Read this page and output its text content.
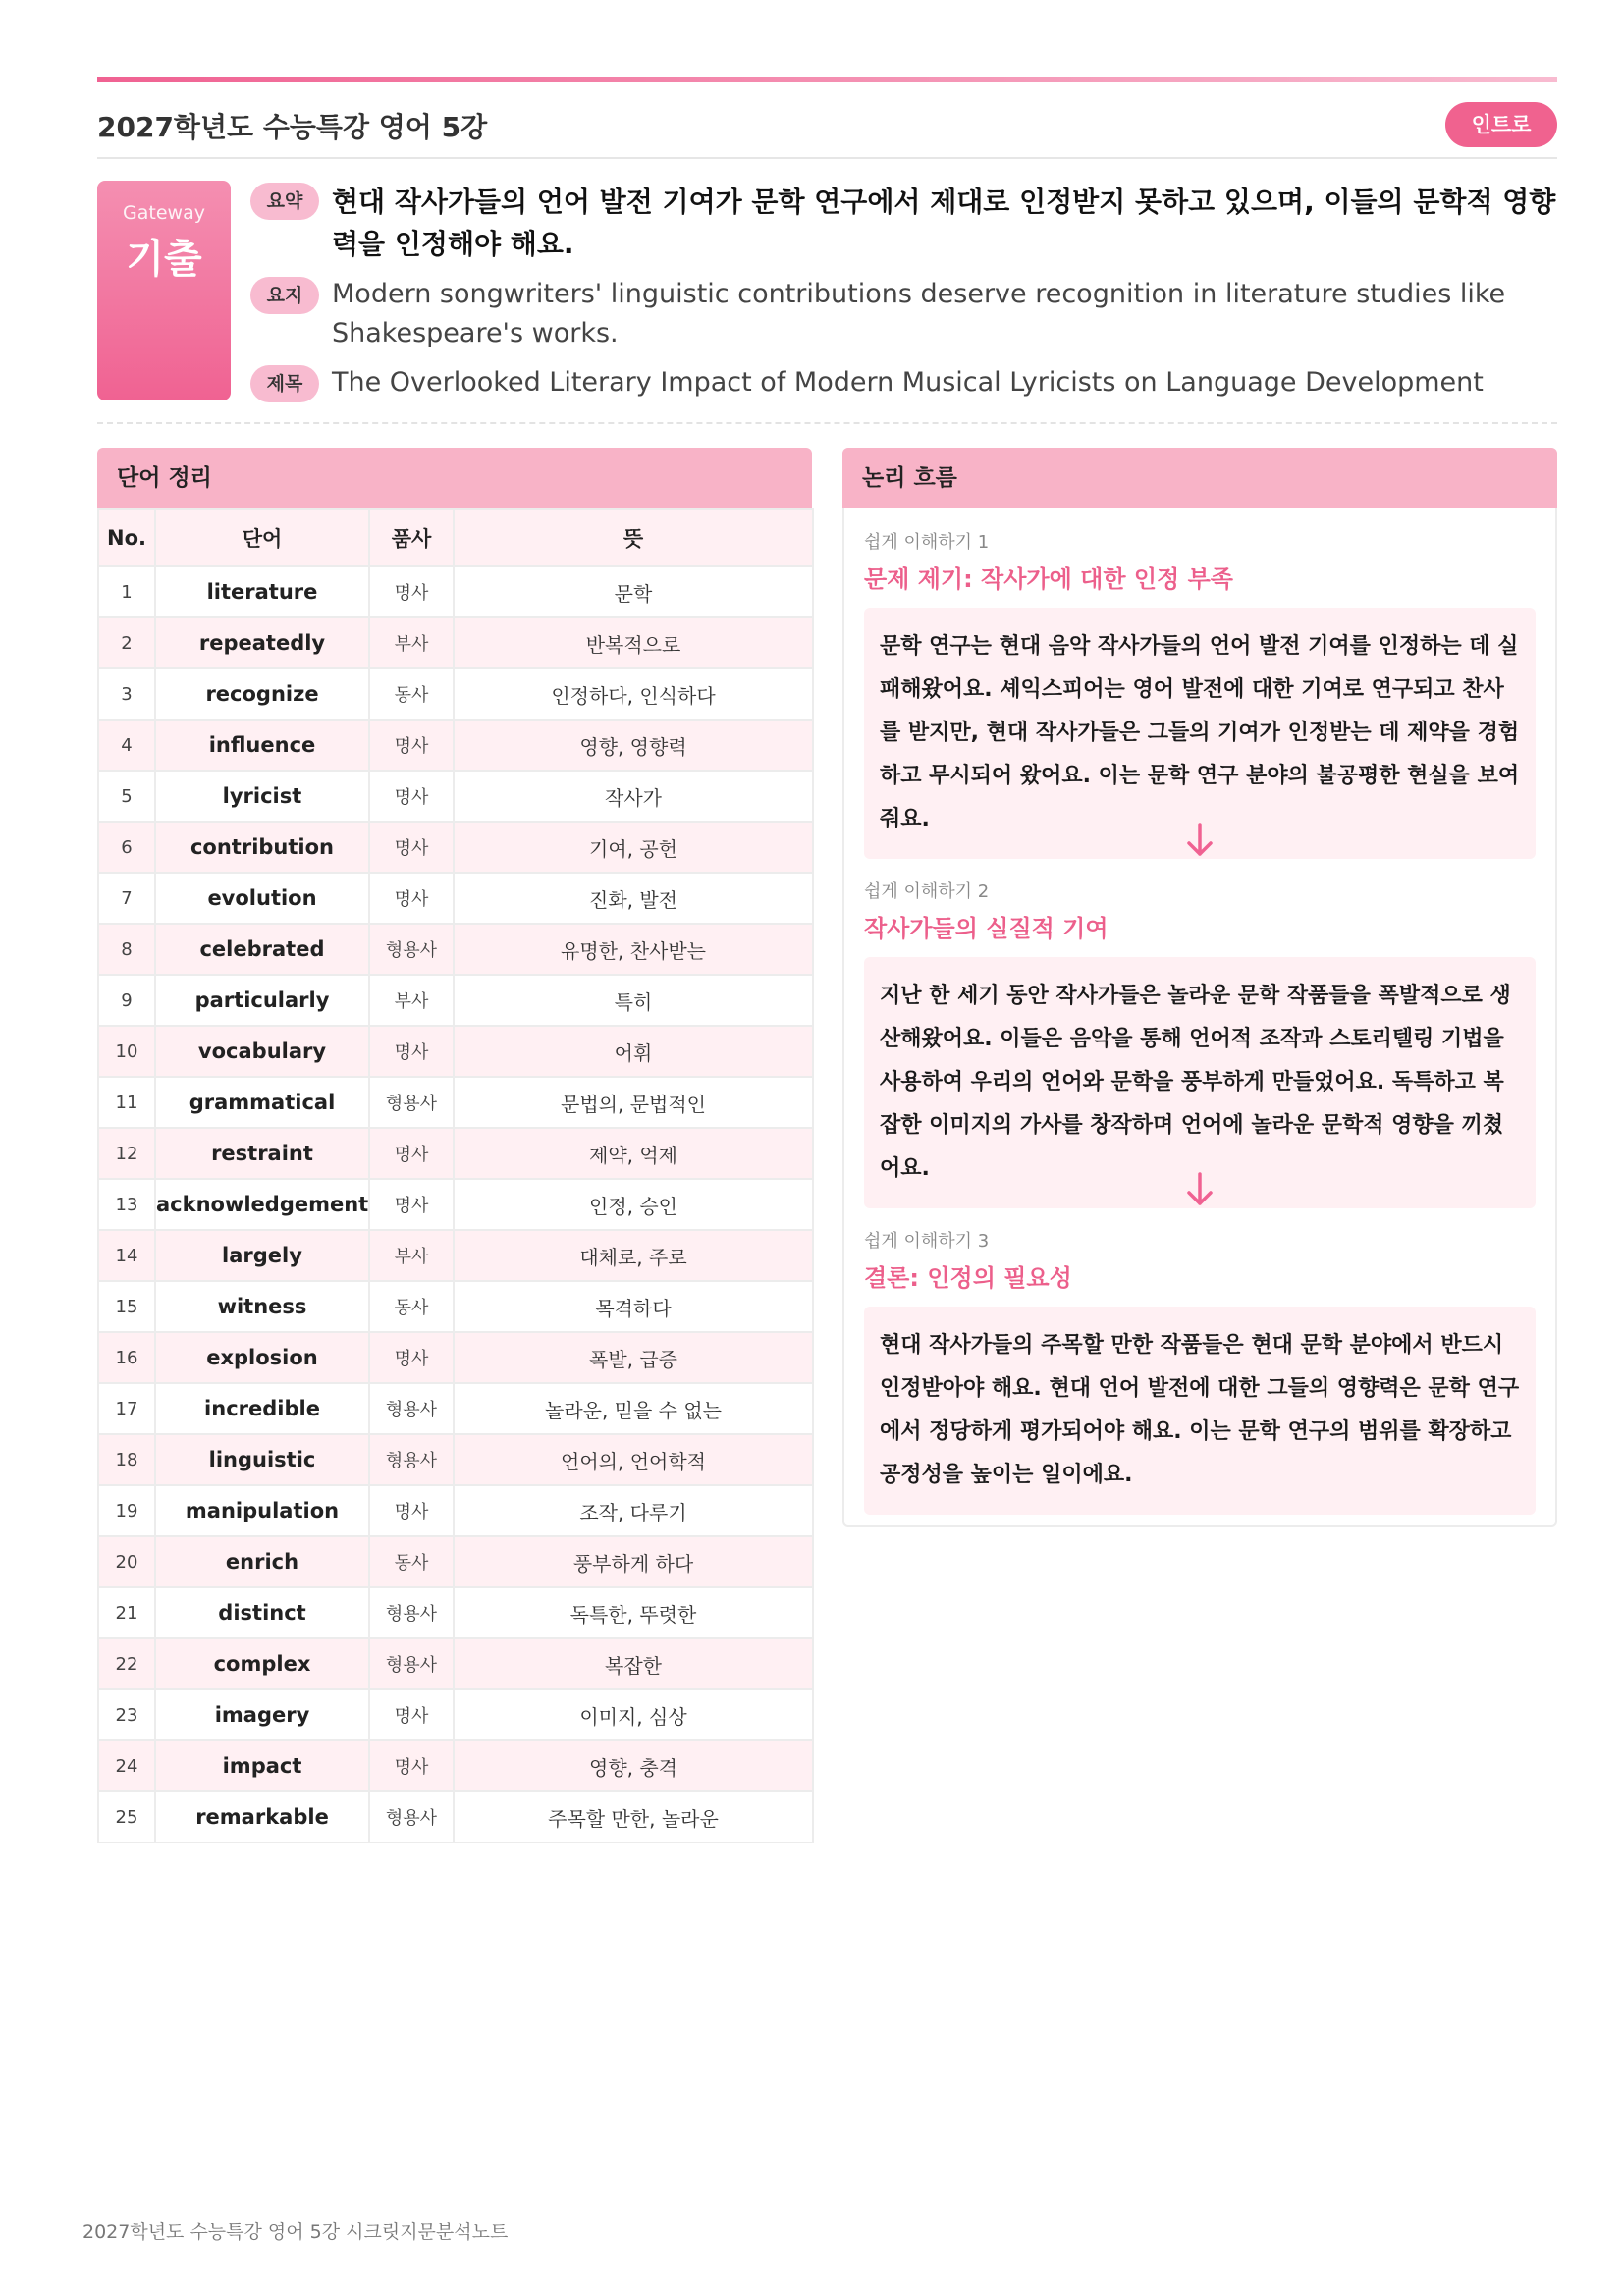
2027학년도 수능특강 영어 5강	인트로
Gateway
기출
요약	현대 작사가들의 언어 발전 기여가 문학 연구에서 제대로 인정받지 못하고 있으며, 이들의 문학적 영향력을 인정해야 해요.
요지	Modern songwriters' linguistic contributions deserve recognition in literature studies like Shakespeare's works.
제목	The Overlooked Literary Impact of Modern Musical Lyricists on Language Development
단어 정리
No.	단어	품사	뜻
1	literature	명사	문학
2	repeatedly	부사	반복적으로
3	recognize	동사	인정하다, 인식하다
4	influence	명사	영향, 영향력
5	lyricist	명사	작사가
6	contribution	명사	기여, 공헌
7	evolution	명사	진화, 발전
8	celebrated	형용사	유명한, 찬사받는
9	particularly	부사	특히
10	vocabulary	명사	어휘
11	grammatical	형용사	문법의, 문법적인
12	restraint	명사	제약, 억제
13	acknowledgement	명사	인정, 승인
14	largely	부사	대체로, 주로
15	witness	동사	목격하다
16	explosion	명사	폭발, 급증
17	incredible	형용사	놀라운, 믿을 수 없는
18	linguistic	형용사	언어의, 언어학적
19	manipulation	명사	조작, 다루기
20	enrich	동사	풍부하게 하다
21	distinct	형용사	독특한, 뚜렷한
22	complex	형용사	복잡한
23	imagery	명사	이미지, 심상
24	impact	명사	영향, 충격
25	remarkable	형용사	주목할 만한, 놀라운
논리 흐름
쉽게 이해하기 1
문제 제기: 작사가에 대한 인정 부족
문학 연구는 현대 음악 작사가들의 언어 발전 기여를 인정하는 데 실패해왔어요. 셰익스피어는 영어 발전에 대한 기여로 연구되고 찬사를 받지만, 현대 작사가들은 그들의 기여가 인정받는 데 제약을 경험하고 무시되어 왔어요. 이는 문학 연구 분야의 불공평한 현실을 보여줘요.
쉽게 이해하기 2
작사가들의 실질적 기여
지난 한 세기 동안 작사가들은 놀라운 문학 작품들을 폭발적으로 생산해왔어요. 이들은 음악을 통해 언어적 조작과 스토리텔링 기법을 사용하여 우리의 언어와 문학을 풍부하게 만들었어요. 독특하고 복잡한 이미지의 가사를 창작하며 언어에 놀라운 문학적 영향을 끼쳤어요.
쉽게 이해하기 3
결론: 인정의 필요성
현대 작사가들의 주목할 만한 작품들은 현대 문학 분야에서 반드시 인정받아야 해요. 현대 언어 발전에 대한 그들의 영향력은 문학 연구에서 정당하게 평가되어야 해요. 이는 문학 연구의 범위를 확장하고 공정성을 높이는 일이에요.
2027학년도 수능특강 영어 5강 시크릿지문분석노트
